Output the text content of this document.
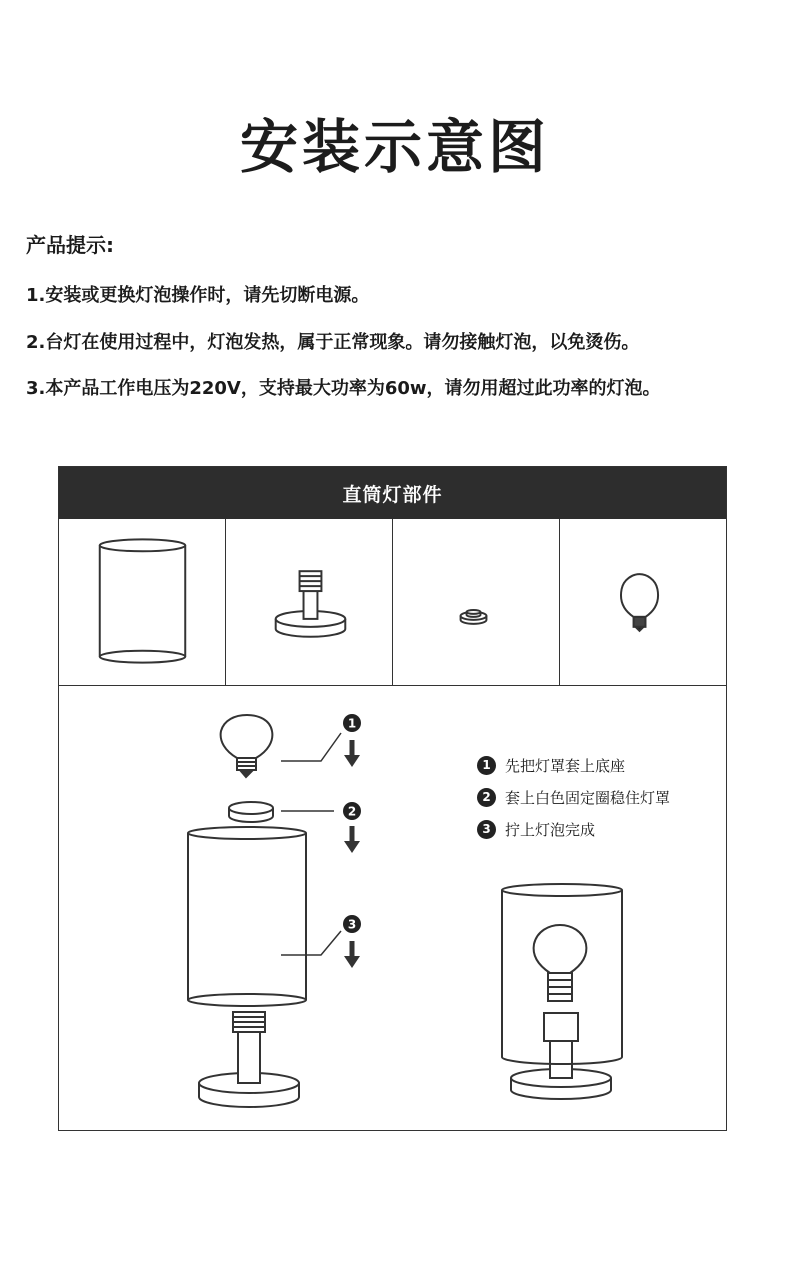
安装示意图
产品提示:
1.安装或更换灯泡操作时，请先切断电源。
2.台灯在使用过程中，灯泡发热，属于正常现象。请勿接触灯泡，以免烫伤。
3.本产品工作电压为220V，支持最大功率为60w，请勿用超过此功率的灯泡。
直筒灯部件
1
2
3
1 先把灯罩套上底座
2 套上白色固定圈稳住灯罩
3 拧上灯泡完成
